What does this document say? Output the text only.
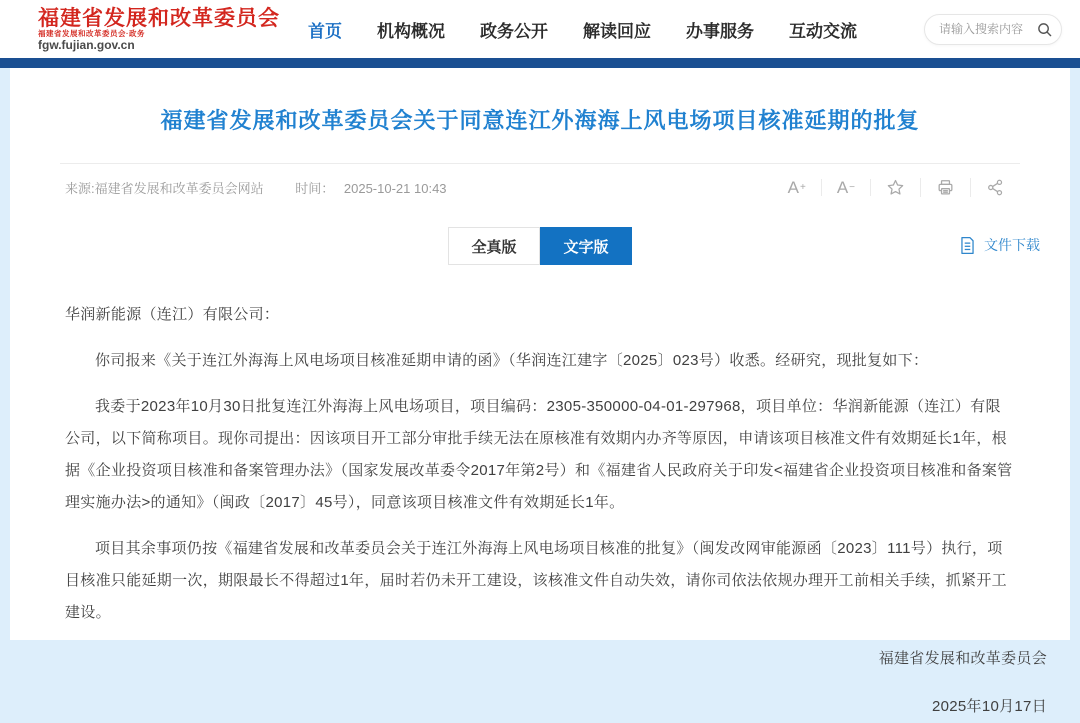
福建省发展和改革委员会
福建省发展和改革委员会·政务
fgw.fujian.gov.cn
首页 机构概况 政务公开 解读回应 办事服务 互动交流
请输入搜索内容
福建省发展和改革委员会关于同意连江外海海上风电场项目核准延期的批复
来源:福建省发展和改革委员会网站 时间： 2025-10-21 10:43	A + A −
全真版	文字版	文件下载

华润新能源（连江）有限公司：

你司报来《关于连江外海海上风电场项目核准延期申请的函》（华润连江建字〔2025〕023号）收悉。经研究，现批复如下：

我委于2023年10月30日批复连江外海海上风电场项目，项目编码：2305-350000-04-01-297968，项目单位：华润新能源（连江）有限公司，以下简称项目。现你司提出：因该项目开工部分审批手续无法在原核准有效期内办齐等原因，申请该项目核准文件有效期延长1年，根据《企业投资项目核准和备案管理办法》（国家发展改革委令2017年第2号）和《福建省人民政府关于印发<福建省企业投资项目核准和备案管理实施办法>的通知》（闽政〔2017〕45号），同意该项目核准文件有效期延长1年。

项目其余事项仍按《福建省发展和改革委员会关于连江外海海上风电场项目核准的批复》（闽发改网审能源函〔2023〕111号）执行，项目核准只能延期一次，期限最长不得超过1年，届时若仍未开工建设，该核准文件自动失效，请你司依法依规办理开工前相关手续，抓紧开工建设。

福建省发展和改革委员会

2025年10月17日
